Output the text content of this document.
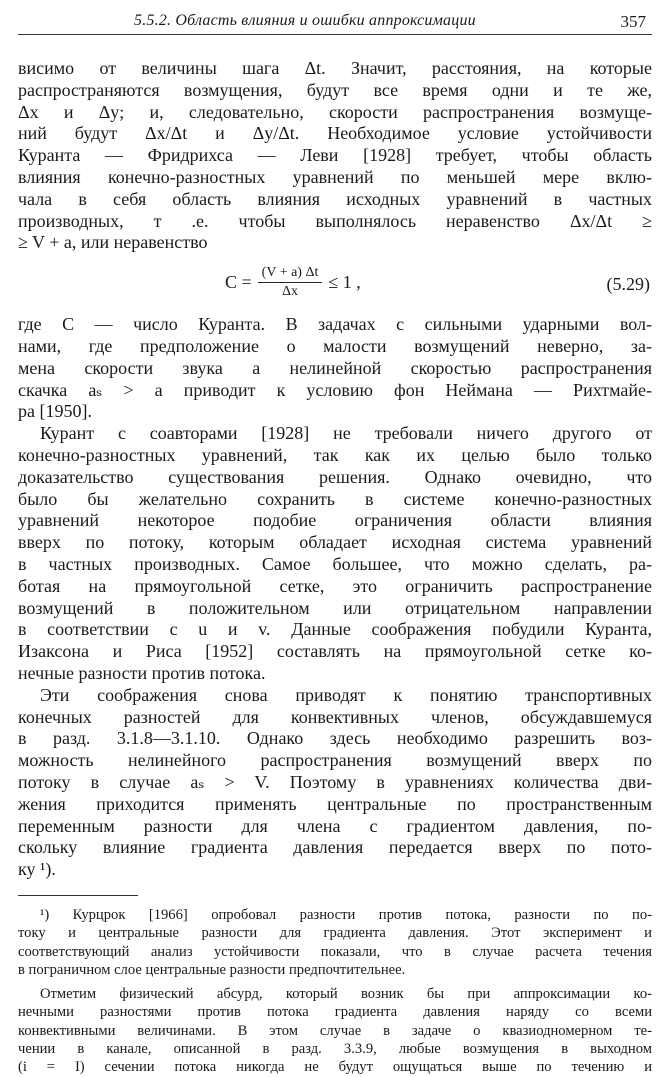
5.5.2. Область влияния и ошибки аппроксимации	357
висимо от величины шага Δt. Значит, расстояния, на которые
распространяются возмущения, будут все время одни и те же,
Δx и Δy; и, следовательно, скорости распространения возмуще-
ний будут Δx/Δt и Δy/Δt. Необходимое условие устойчивости
Куранта — Фридрихса — Леви [1928] требует, чтобы область
влияния конечно-разностных уравнений по меньшей мере вклю-
чала в себя область влияния исходных уравнений в частных
производных, т .е. чтобы выполнялось неравенство Δx/Δt ≥
≥ V + a, или неравенство
$C = \frac{(V + a) \Delta t}{\Delta x} \le 1$ ,	(5.29)
где C — число Куранта. В задачах с сильными ударными вол-
нами, где предположение о малости возмущений неверно, за-
мена скорости звука a нелинейной скоростью распространения
скачка aₛ > a приводит к условию фон Неймана — Рихтмайе-
ра [1950].
Курант с соавторами [1928] не требовали ничего другого от
конечно-разностных уравнений, так как их целью было только
доказательство существования решения. Однако очевидно, что
было бы желательно сохранить в системе конечно-разностных
уравнений некоторое подобие ограничения области влияния
вверх по потоку, которым обладает исходная система уравнений
в частных производных. Самое большее, что можно сделать, ра-
ботая на прямоугольной сетке, это ограничить распространение
возмущений в положительном или отрицательном направлении
в соответствии с u и v. Данные соображения побудили Куранта,
Изаксона и Риса [1952] составлять на прямоугольной сетке ко-
нечные разности против потока.
Эти соображения снова приводят к понятию транспортивных
конечных разностей для конвективных членов, обсуждавшемуся
в разд. 3.1.8—3.1.10. Однако здесь необходимо разрешить воз-
можность нелинейного распространения возмущений вверх по
потоку в случае aₛ > V. Поэтому в уравнениях количества дви-
жения приходится применять центральные по пространственным
переменным разности для члена с градиентом давления, по-
скольку влияние градиента давления передается вверх по пото-
ку ¹).
¹) Курцрок [1966] опробовал разности против потока, разности по по-
току и центральные разности для градиента давления. Этот эксперимент и
соответствующий анализ устойчивости показали, что в случае расчета течения
в пограничном слое центральные разности предпочтительнее.
Отметим физический абсурд, который возник бы при аппроксимации ко-
нечными разностями против потока градиента давления наряду со всеми
конвективными величинами. В этом случае в задаче о квазиодномерном те-
чении в канале, описанной в разд. 3.3.9, любые возмущения в выходном
(i = I) сечении потока никогда не будут ощущаться выше по течению и
